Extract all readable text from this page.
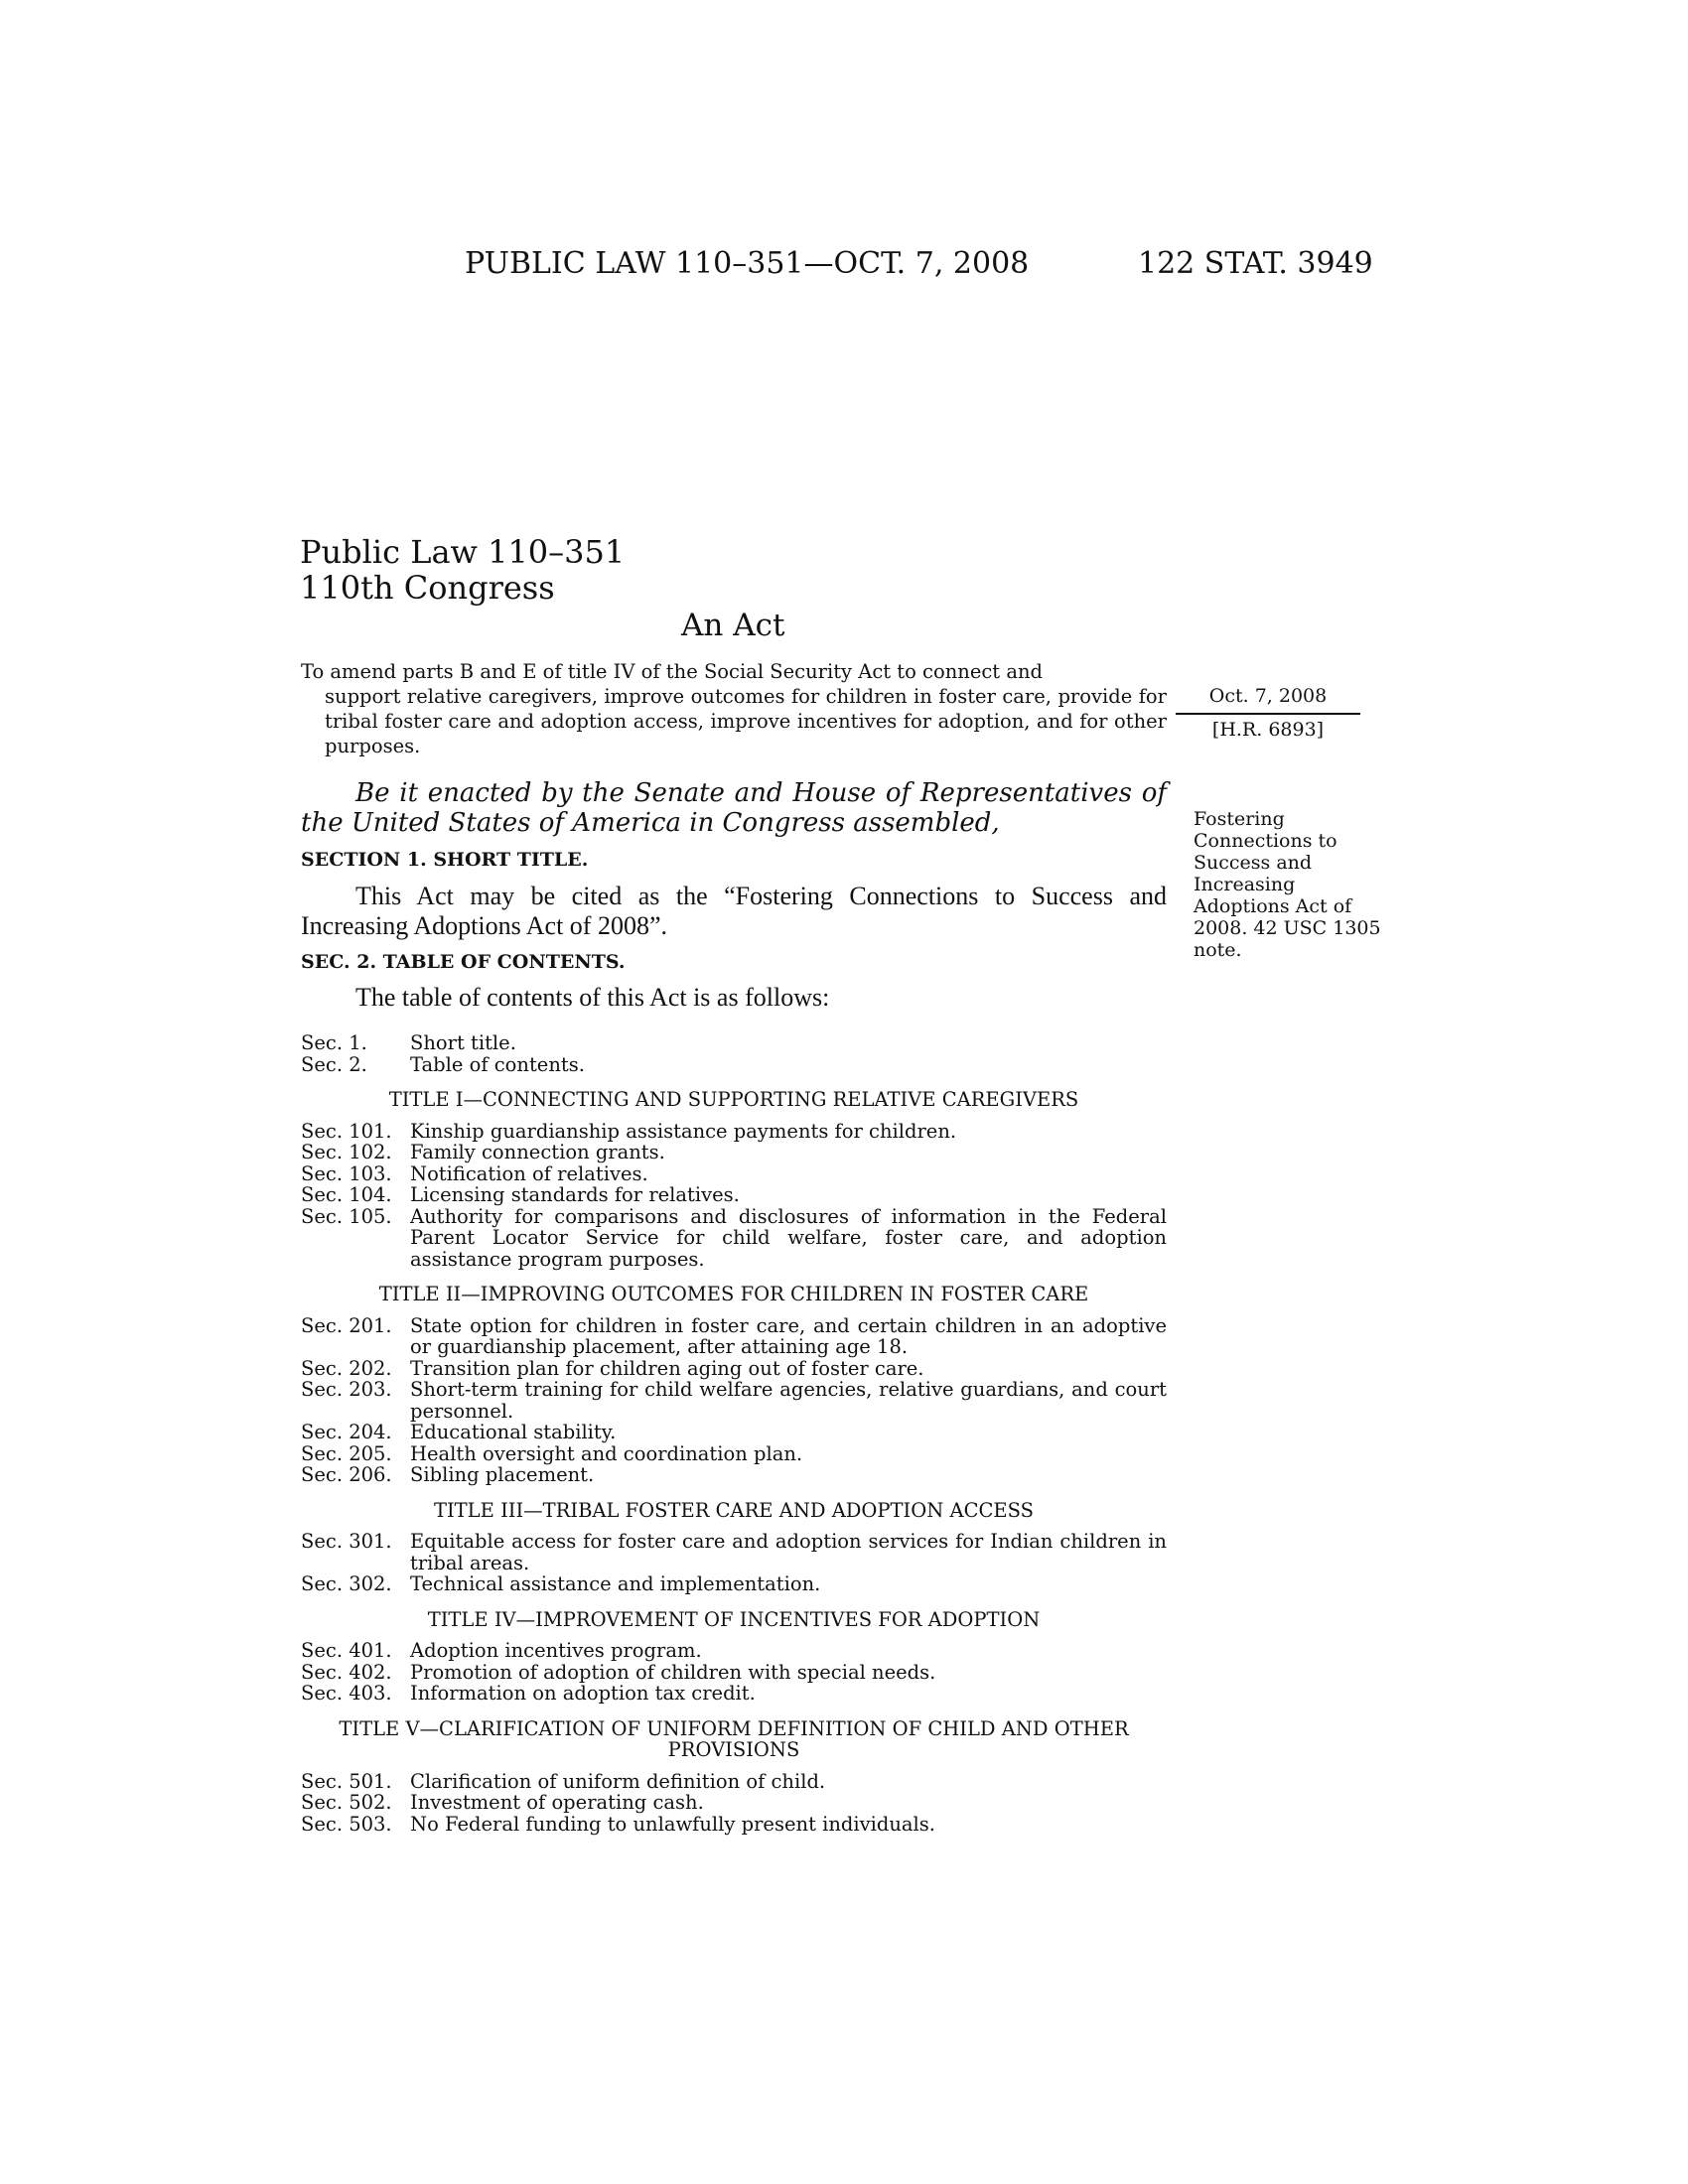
PUBLIC LAW 110–351—OCT. 7, 2008	122 STAT. 3949
Public Law 110–351
110th Congress
An Act
To amend parts B and E of title IV of the Social Security Act to connect and
support relative caregivers, improve outcomes for children in foster care, provide for tribal foster care and adoption access, improve incentives for adoption, and for other purposes.
Oct. 7, 2008
[H.R. 6893]
Be it enacted by the Senate and House of Representatives of the United States of America in Congress assembled,	Fostering Connections to Success and Increasing Adoptions Act of 2008. 42 USC 1305 note.
SECTION 1. SHORT TITLE.
This Act may be cited as the “Fostering Connections to Success and Increasing Adoptions Act of 2008”.
SEC. 2. TABLE OF CONTENTS.
The table of contents of this Act is as follows:
Sec. 1.	Short title.
Sec. 2.	Table of contents.
TITLE I—CONNECTING AND SUPPORTING RELATIVE CAREGIVERS
Sec. 101. Kinship guardianship assistance payments for children.
Sec. 102. Family connection grants.
Sec. 103. Notification of relatives.
Sec. 104. Licensing standards for relatives.
Sec. 105. Authority for comparisons and disclosures of information in the Federal Parent Locator Service for child welfare, foster care, and adoption assistance program purposes.
TITLE II—IMPROVING OUTCOMES FOR CHILDREN IN FOSTER CARE
Sec. 201. State option for children in foster care, and certain children in an adoptive or guardianship placement, after attaining age 18.
Sec. 202. Transition plan for children aging out of foster care.
Sec. 203. Short-term training for child welfare agencies, relative guardians, and court personnel.
Sec. 204. Educational stability.
Sec. 205. Health oversight and coordination plan.
Sec. 206. Sibling placement.
TITLE III—TRIBAL FOSTER CARE AND ADOPTION ACCESS
Sec. 301. Equitable access for foster care and adoption services for Indian children in tribal areas.
Sec. 302. Technical assistance and implementation.
TITLE IV—IMPROVEMENT OF INCENTIVES FOR ADOPTION
Sec. 401. Adoption incentives program.
Sec. 402. Promotion of adoption of children with special needs.
Sec. 403. Information on adoption tax credit.
TITLE V—CLARIFICATION OF UNIFORM DEFINITION OF CHILD AND OTHER PROVISIONS
Sec. 501. Clarification of uniform definition of child.
Sec. 502. Investment of operating cash.
Sec. 503. No Federal funding to unlawfully present individuals.
